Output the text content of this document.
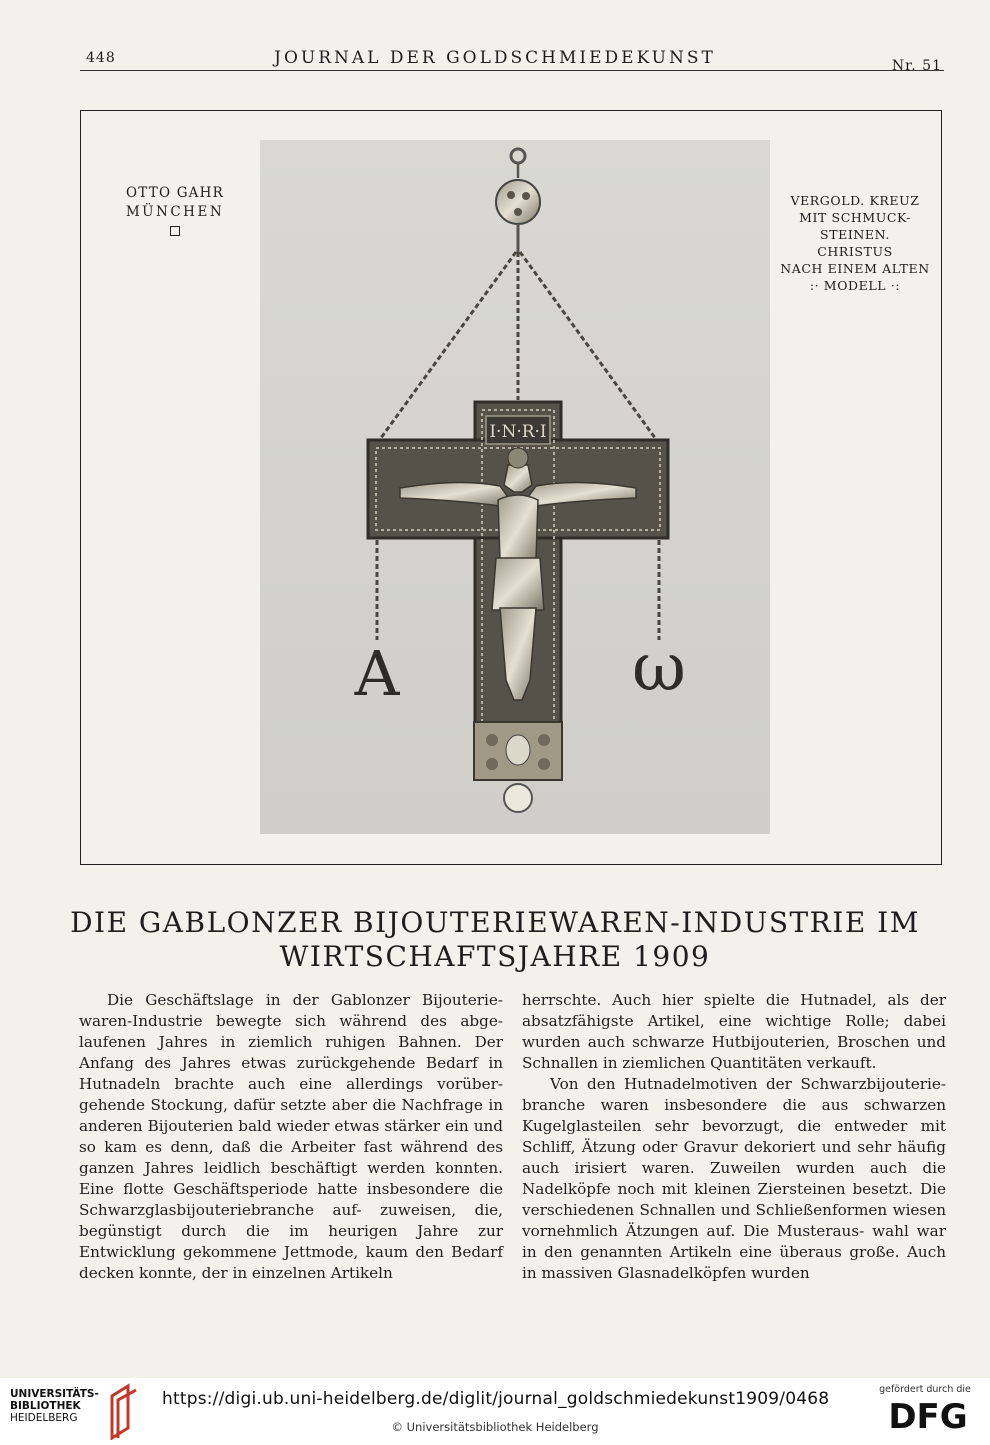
448	JOURNAL DER GOLDSCHMIEDEKUNST	Nr. 51
OTTO GAHR
MÜNCHEN
VERGOLD. KREUZ
MIT SCHMUCK-
STEINEN. CHRISTUS
NACH EINEM ALTEN
:· MODELL ·:
I·N·R·I
A	ω
DIE GABLONZER BIJOUTERIEWAREN-INDUSTRIE IM
WIRTSCHAFTSJAHRE 1909

Die Geschäftslage in der Gablonzer Bijouterie- waren-Industrie bewegte sich während des abge- laufenen Jahres in ziemlich ruhigen Bahnen. Der Anfang des Jahres etwas zurückgehende Bedarf in Hutnadeln brachte auch eine allerdings vorüber- gehende Stockung, dafür setzte aber die Nachfrage in anderen Bijouterien bald wieder etwas stärker ein und so kam es denn, daß die Arbeiter fast während des ganzen Jahres leidlich beschäftigt werden konnten. Eine flotte Geschäftsperiode hatte insbesondere die Schwarzglasbijouteriebranche auf- zuweisen, die, begünstigt durch die im heurigen Jahre zur Entwicklung gekommene Jettmode, kaum den Bedarf decken konnte, der in einzelnen Artikeln

herrschte. Auch hier spielte die Hutnadel, als der absatzfähigste Artikel, eine wichtige Rolle; dabei wurden auch schwarze Hutbijouterien, Broschen und Schnallen in ziemlichen Quantitäten verkauft.

Von den Hutnadelmotiven der Schwarzbijouterie- branche waren insbesondere die aus schwarzen Kugelglasteilen sehr bevorzugt, die entweder mit Schliff, Ätzung oder Gravur dekoriert und sehr häufig auch irisiert waren. Zuweilen wurden auch die Nadelköpfe noch mit kleinen Ziersteinen besetzt. Die verschiedenen Schnallen und Schließenformen wiesen vornehmlich Ätzungen auf. Die Musteraus- wahl war in den genannten Artikeln eine überaus große. Auch in massiven Glasnadelköpfen wurden

UNIVERSITÄTS-
BIBLIOTHEK
HEIDELBERG
https://digi.ub.uni-heidelberg.de/diglit/journal_goldschmiedekunst1909/0468
© Universitätsbibliothek Heidelberg
gefördert durch die
DFG
